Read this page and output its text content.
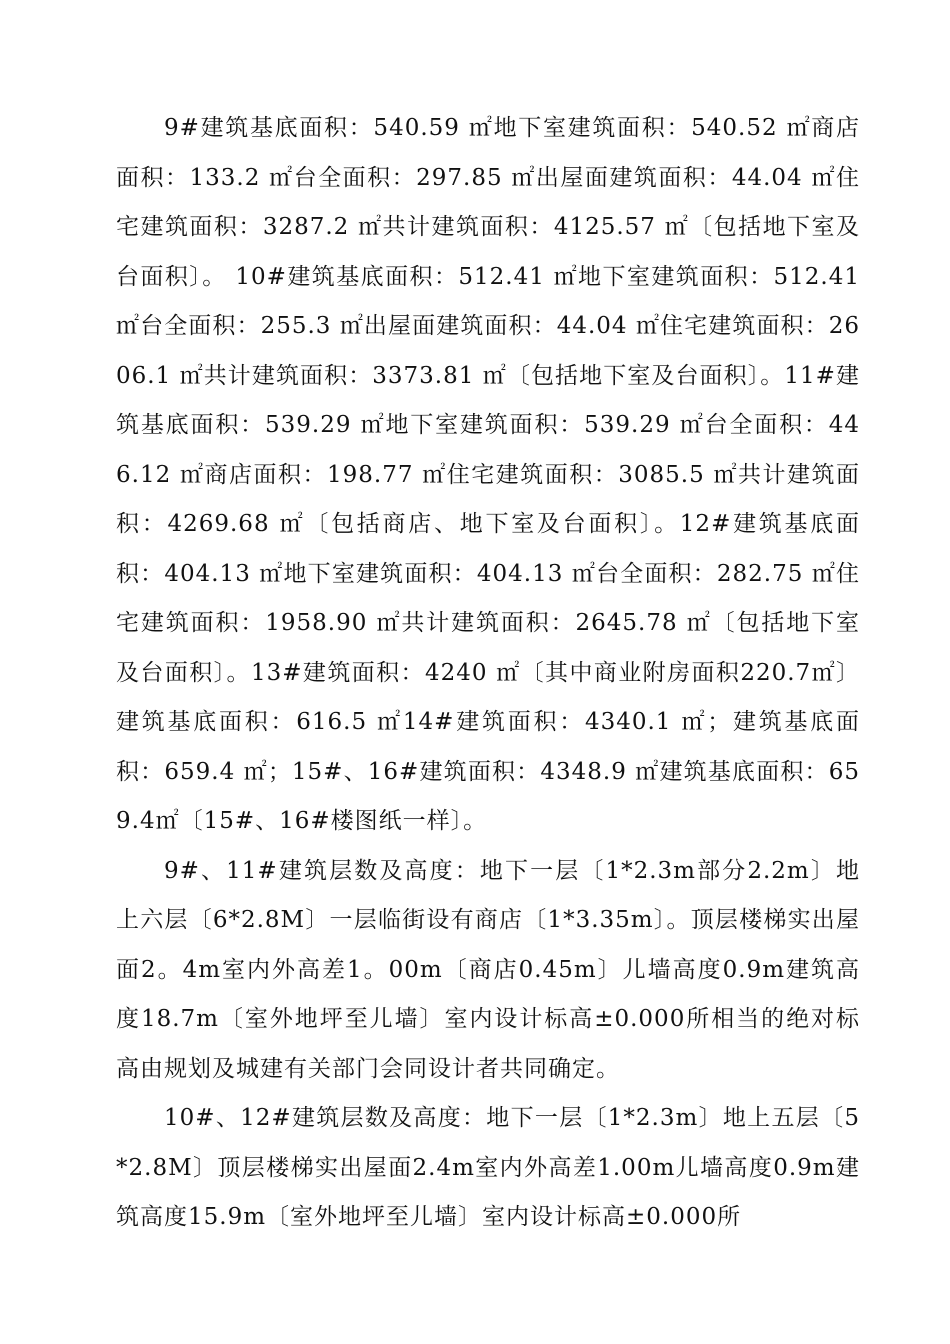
9#建筑基底面积：540.59 ㎡地下室建筑面积：540.52 ㎡商店面积：133.2 ㎡台全面积：297.85 ㎡出屋面建筑面积：44.04 ㎡住宅建筑面积：3287.2 ㎡共计建筑面积：4125.57 ㎡〔包括地下室及台面积〕。 10#建筑基底面积：512.41 ㎡地下室建筑面积：512.41 ㎡台全面积：255.3 ㎡出屋面建筑面积：44.04 ㎡住宅建筑面积：2606.1 ㎡共计建筑面积：3373.81 ㎡〔包括地下室及台面积〕。11#建筑基底面积：539.29 ㎡地下室建筑面积：539.29 ㎡台全面积：446.12 ㎡商店面积：198.77 ㎡住宅建筑面积：3085.5 ㎡共计建筑面积：4269.68 ㎡〔包括商店、地下室及台面积〕。12#建筑基底面积：404.13 ㎡地下室建筑面积：404.13 ㎡台全面积：282.75 ㎡住宅建筑面积：1958.90 ㎡共计建筑面积：2645.78 ㎡〔包括地下室及台面积〕。13#建筑面积：4240 ㎡〔其中商业附房面积220.7㎡〕建筑基底面积：616.5 ㎡14#建筑面积：4340.1 ㎡；建筑基底面积：659.4 ㎡；15#、16#建筑面积：4348.9 ㎡建筑基底面积：659.4㎡〔15#、16#楼图纸一样〕。

9#、11#建筑层数及高度：地下一层〔1*2.3m部分2.2m〕地上六层〔6*2.8M〕一层临街设有商店〔1*3.35m〕。顶层楼梯实出屋面2。4m室内外高差1。00m〔商店0.45m〕儿墙高度0.9m建筑高度18.7m〔室外地坪至儿墙〕室内设计标高±0.000所相当的绝对标高由规划及城建有关部门会同设计者共同确定。

10#、12#建筑层数及高度：地下一层〔1*2.3m〕地上五层〔5*2.8M〕顶层楼梯实出屋面2.4m室内外高差1.00m儿墙高度0.9m建筑高度15.9m〔室外地坪至儿墙〕室内设计标高±0.000所
